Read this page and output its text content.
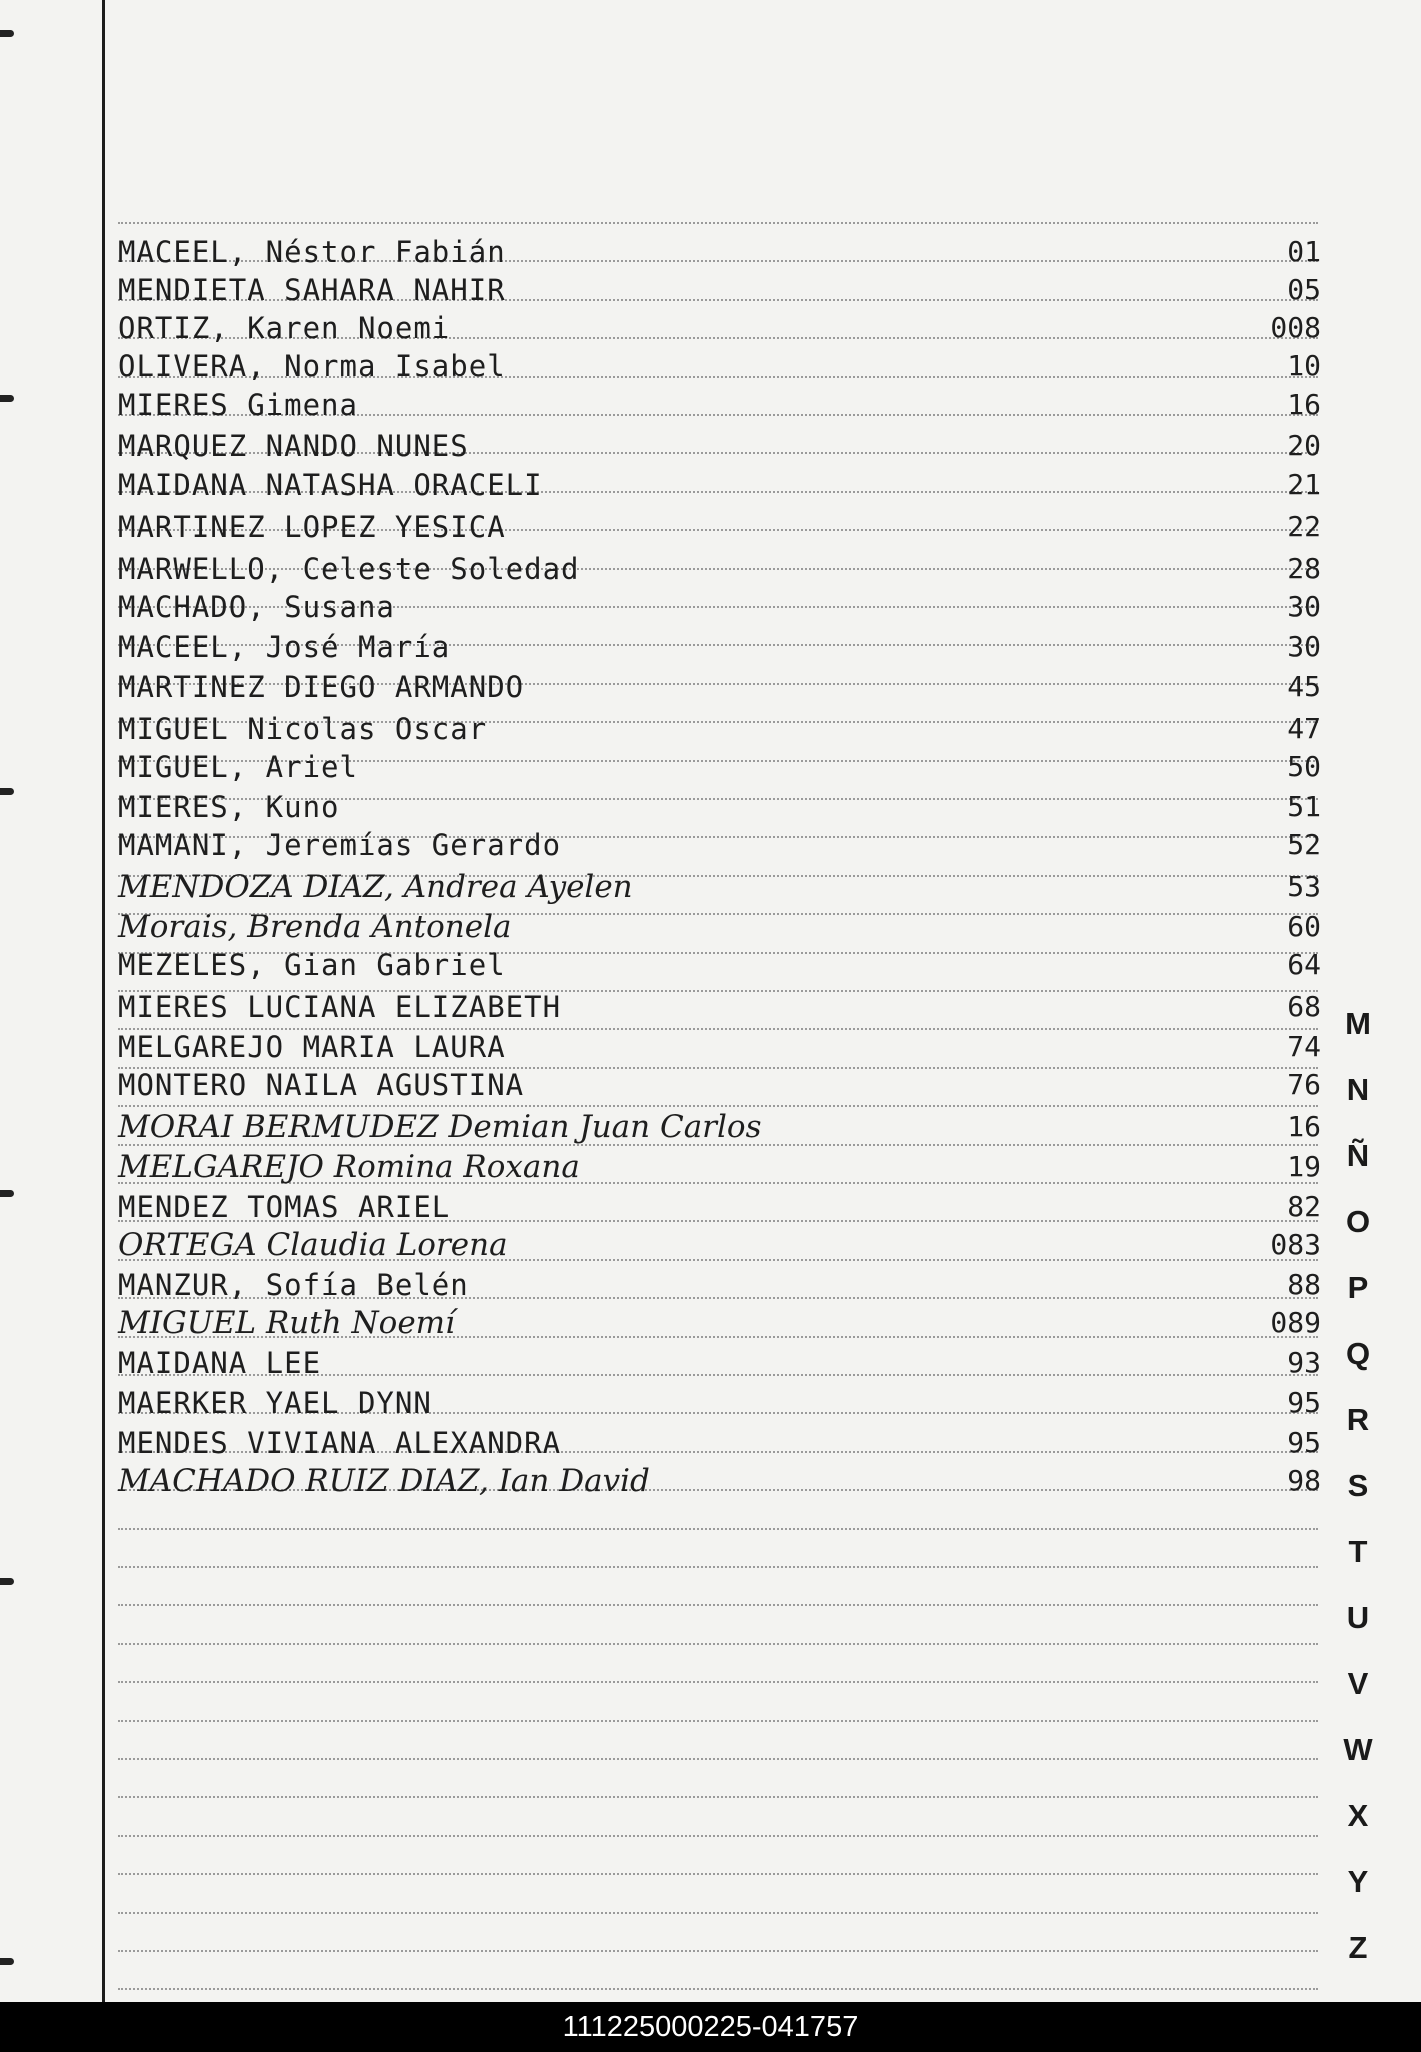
MACEEL, Néstor Fabián	01
MENDIETA SAHARA NAHIR	05
ORTIZ, Karen Noemi	008
OLIVERA, Norma Isabel	10
MIERES Gimena	16
MARQUEZ NANDO NUNES	20
MAIDANA NATASHA ORACELI	21
MARTINEZ LOPEZ YESICA	22
MARWELLO, Celeste Soledad	28
MACHADO, Susana	30
MACEEL, José María	30
MARTINEZ DIEGO ARMANDO	45
MIGUEL Nicolas Oscar	47
MIGUEL, Ariel	50
MIERES, Kuno	51
MAMANI, Jeremías Gerardo	52
MENDOZA DIAZ, Andrea Ayelen	53
Morais, Brenda Antonela	60
MEZELES, Gian Gabriel	64
MIERES LUCIANA ELIZABETH	68
MELGAREJO MARIA LAURA	74
MONTERO NAILA AGUSTINA	76
MORAI BERMUDEZ Demian Juan Carlos	16
MELGAREJO Romina Roxana	19
MENDEZ TOMAS ARIEL	82
ORTEGA Claudia Lorena	083
MANZUR, Sofía Belén	88
MIGUEL Ruth Noemí	089
MAIDANA LEE	93
MAERKER YAEL DYNN	95
MENDES VIVIANA ALEXANDRA	95
MACHADO RUIZ DIAZ, Ian David	98
M
N
Ñ
O
P
Q
R
S
T
U
V
W
X
Y
Z
111225000225-041757
